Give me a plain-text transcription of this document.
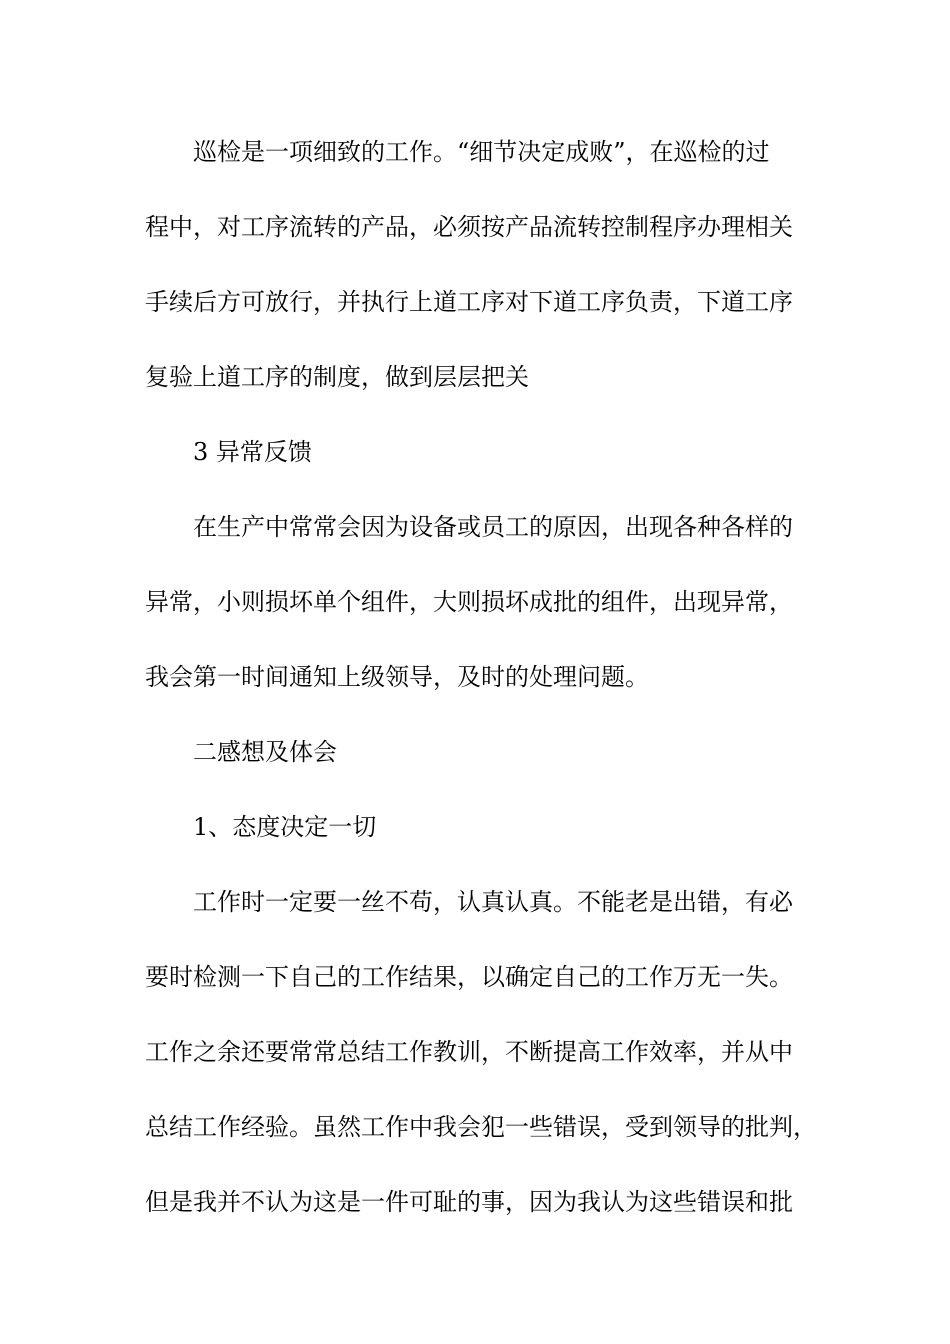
巡检是一项细致的工作。“细节决定成败”，在巡检的过

程中，对工序流转的产品，必须按产品流转控制程序办理相关

手续后方可放行，并执行上道工序对下道工序负责，下道工序

复验上道工序的制度，做到层层把关

3 异常反馈

在生产中常常会因为设备或员工的原因，出现各种各样的

异常，小则损坏单个组件，大则损坏成批的组件，出现异常，

我会第一时间通知上级领导，及时的处理问题。

二感想及体会

1、态度决定一切

工作时一定要一丝不苟，认真认真。不能老是出错，有必

要时检测一下自己的工作结果，以确定自己的工作万无一失。

工作之余还要常常总结工作教训，不断提高工作效率，并从中

总结工作经验。虽然工作中我会犯一些错误，受到领导的批判，

但是我并不认为这是一件可耻的事，因为我认为这些错误和批
